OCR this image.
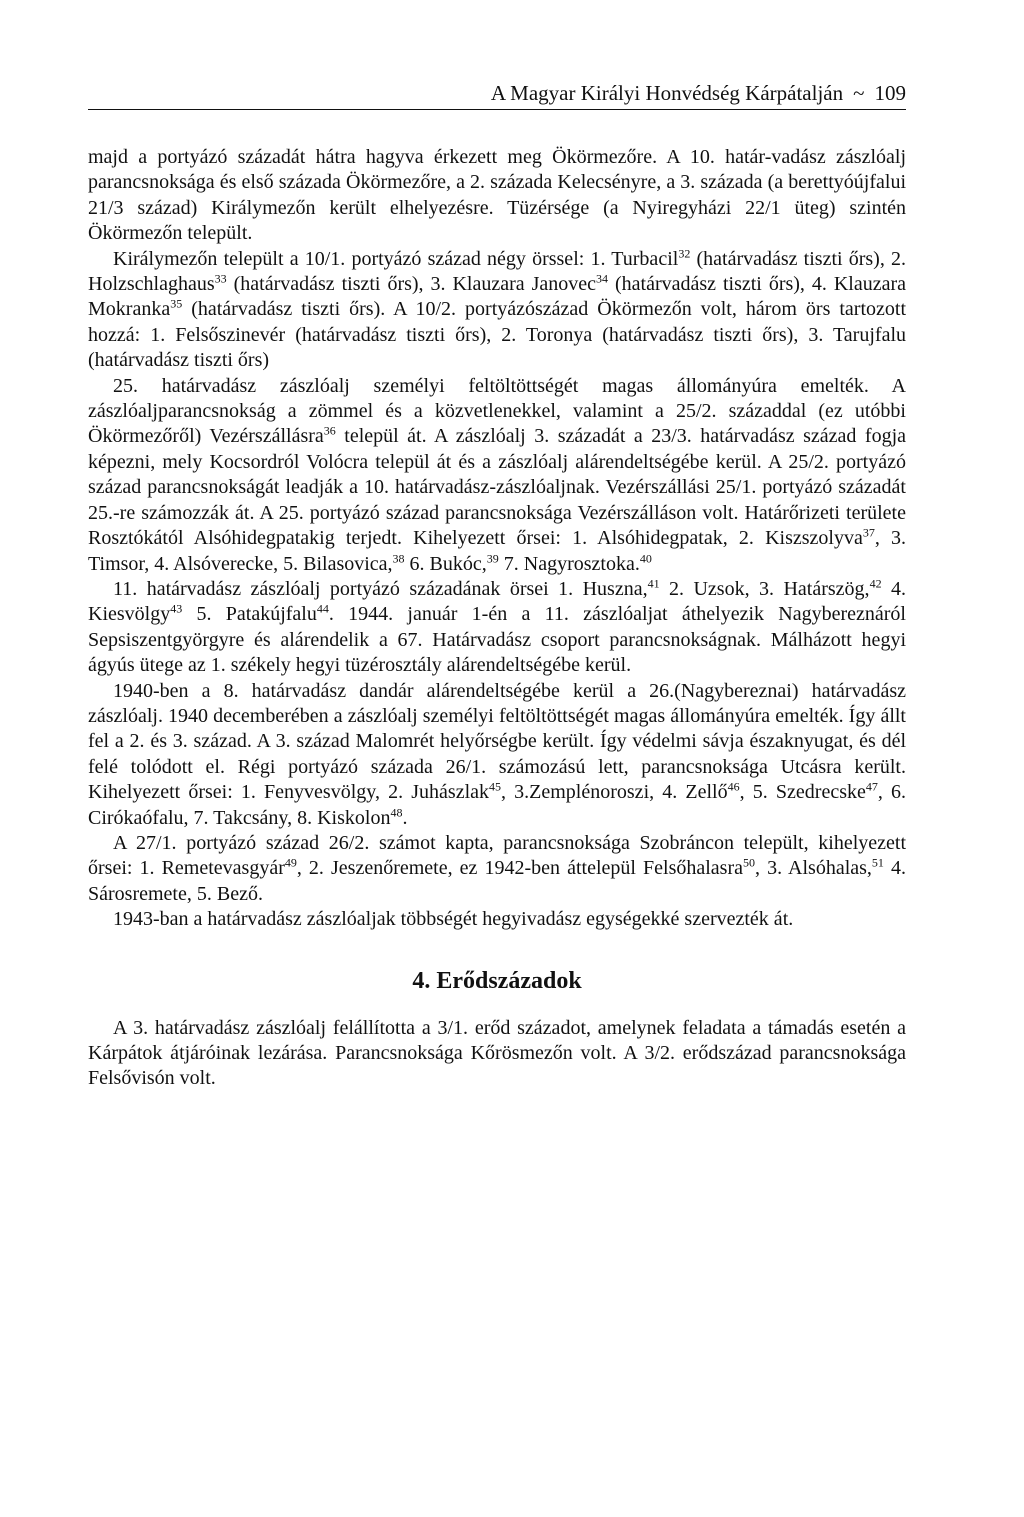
A Magyar Királyi Honvédség Kárpátalján ~ 109

majd a portyázó századát hátra hagyva érkezett meg Ökörmezőre. A 10. határ-vadász zászlóalj parancsnoksága és első százada Ökörmezőre, a 2. százada Kelecsényre, a 3. százada (a berettyóújfalui 21/3 század) Királymezőn került elhelyezésre. Tüzérsége (a Nyiregyházi 22/1 üteg) szintén Ökörmezőn települt.

Királymezőn települt a 10/1. portyázó század négy örssel: 1. Turbacil$^{32}$ (határvadász tiszti őrs), 2. Holzschlaghaus$^{33}$ (határvadász tiszti őrs), 3. Klauzara Janovec$^{34}$ (határvadász tiszti őrs), 4. Klauzara Mokranka$^{35}$ (határvadász tiszti őrs). A 10/2. portyázószázad Ökörmezőn volt, három örs tartozott hozzá: 1. Felsőszinevér (határvadász tiszti őrs), 2. Toronya (határvadász tiszti őrs), 3. Tarujfalu (határvadász tiszti őrs)

25. határvadász zászlóalj személyi feltöltöttségét magas állományúra emelték. A zászlóaljparancsnokság a zömmel és a közvetlenekkel, valamint a 25/2. századdal (ez utóbbi Ökörmezőről) Vezérszállásra$^{36}$ települ át. A zászlóalj 3. századát a 23/3. határvadász század fogja képezni, mely Kocsordról Volócra települ át és a zászlóalj alárendeltségébe kerül. A 25/2. portyázó század parancsnokságát leadják a 10. határvadász-zászlóaljnak. Vezérszállási 25/1. portyázó századát 25.-re számozzák át. A 25. portyázó század parancsnoksága Vezérszálláson volt. Határőrizeti területe Rosztókától Alsóhidegpatakig terjedt. Kihelyezett őrsei: 1. Alsóhidegpatak, 2. Kiszszolyva$^{37}$, 3. Timsor, 4. Alsóverecke, 5. Bilasovica,$^{38}$ 6. Bukóc,$^{39}$ 7. Nagyrosztoka.$^{40}$

11. határvadász zászlóalj portyázó századának örsei 1. Huszna,$^{41}$ 2. Uzsok, 3. Határszög,$^{42}$ 4. Kiesvölgy$^{43}$ 5. Patakújfalu$^{44}$. 1944. január 1-én a 11. zászlóaljat áthelyezik Nagybereznáról Sepsiszentgyörgyre és alárendelik a 67. Határvadász csoport parancsnokságnak. Málházott hegyi ágyús ütege az 1. székely hegyi tüzérosztály alárendeltségébe kerül.

1940-ben a 8. határvadász dandár alárendeltségébe kerül a 26.(Nagybereznai) határvadász zászlóalj. 1940 decemberében a zászlóalj személyi feltöltöttségét magas állományúra emelték. Így állt fel a 2. és 3. század. A 3. század Malomrét helyőrségbe került. Így védelmi sávja északnyugat, és dél felé tolódott el. Régi portyázó százada 26/1. számozású lett, parancsnoksága Utcásra került. Kihelyezett őrsei: 1. Fenyvesvölgy, 2. Juhászlak$^{45}$, 3.Zemplénoroszi, 4. Zellő$^{46}$, 5. Szedrecske$^{47}$, 6. Cirókaófalu, 7. Takcsány, 8. Kiskolon$^{48}$.

A 27/1. portyázó század 26/2. számot kapta, parancsnoksága Szobráncon települt, kihelyezett őrsei: 1. Remetevasgyár$^{49}$, 2. Jeszenőremete, ez 1942-ben áttelepül Felsőhalasra$^{50}$, 3. Alsóhalas,$^{51}$ 4. Sárosremete, 5. Bező.

1943-ban a határvadász zászlóaljak többségét hegyivadász egységekké szervezték át.

4. Erődszázadok

A 3. határvadász zászlóalj felállította a 3/1. erőd századot, amelynek feladata a támadás esetén a Kárpátok átjáróinak lezárása. Parancsnoksága Kőrösmezőn volt. A 3/2. erődszázad parancsnoksága Felsővisón volt.
